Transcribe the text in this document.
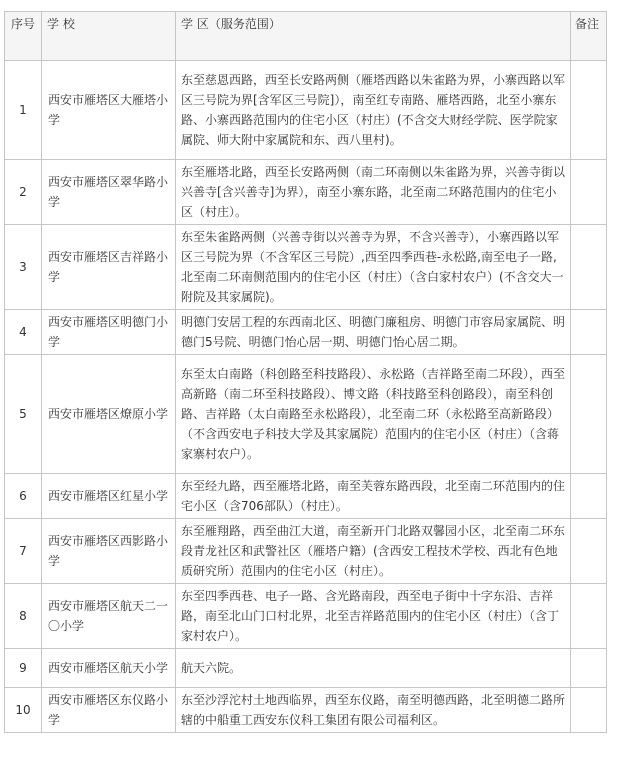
序号	学 校	学 区（服务范围）	备注
1	西安市雁塔区大雁塔小学	东至慈恩西路，西至长安路两侧（雁塔西路以朱雀路为界，小寨西路以军区三号院为界[含军区三号院]），南至红专南路、雁塔西路，北至小寨东路、小寨西路范围内的住宅小区（村庄）(不含交大财经学院、医学院家属院、师大附中家属院和东、西八里村)。	
2	西安市雁塔区翠华路小学	东至雁塔北路，西至长安路两侧（南二环南侧以朱雀路为界，兴善寺街以兴善寺[含兴善寺]为界），南至小寨东路，北至南二环路范围内的住宅小区（村庄）。	
3	西安市雁塔区吉祥路小学	东至朱雀路两侧（兴善寺街以兴善寺为界，不含兴善寺），小寨西路以军区三号院为界（不含军区三号院）,西至四季西巷-永松路,南至电子一路,北至南二环南侧范围内的住宅小区（村庄）（含白家村农户）(不含交大一附院及其家属院)。	
4	西安市雁塔区明德门小学	明德门安居工程的东西南北区、明德门廉租房、明德门市容局家属院、明德门5号院、明德门怡心居一期、明德门怡心居二期。	
5	西安市雁塔区燎原小学	东至太白南路（科创路至科技路段）、永松路（吉祥路至南二环段），西至高新路（南二环至科技路段）、博文路（科技路至科创路段），南至科创路、吉祥路（太白南路至永松路段），北至南二环（永松路至高新路段）（不含西安电子科技大学及其家属院）范围内的住宅小区（村庄）（含蒋家寨村农户）。	
6	西安市雁塔区红星小学	东至经九路，西至雁塔北路，南至芙蓉东路西段，北至南二环范围内的住宅小区（含706部队）（村庄）。	
7	西安市雁塔区西影路小学	东至雁翔路，西至曲江大道，南至新开门北路双馨园小区，北至南二环东段青龙社区和武警社区（雁塔户籍）(含西安工程技术学校、西北有色地质研究所）范围内的住宅小区（村庄）。	
8	西安市雁塔区航天二一〇小学	东至四季西巷、电子一路、含光路南段，西至电子街中十字东沿、吉祥路，南至北山门口村北界，北至吉祥路范围内的住宅小区（村庄）（含丁家村农户）。	
9	西安市雁塔区航天小学	航天六院。	
10	西安市雁塔区东仪路小学	东至沙浮沱村土地西临界，西至东仪路，南至明德西路，北至明德二路所辖的中船重工西安东仪科工集团有限公司福利区。	
